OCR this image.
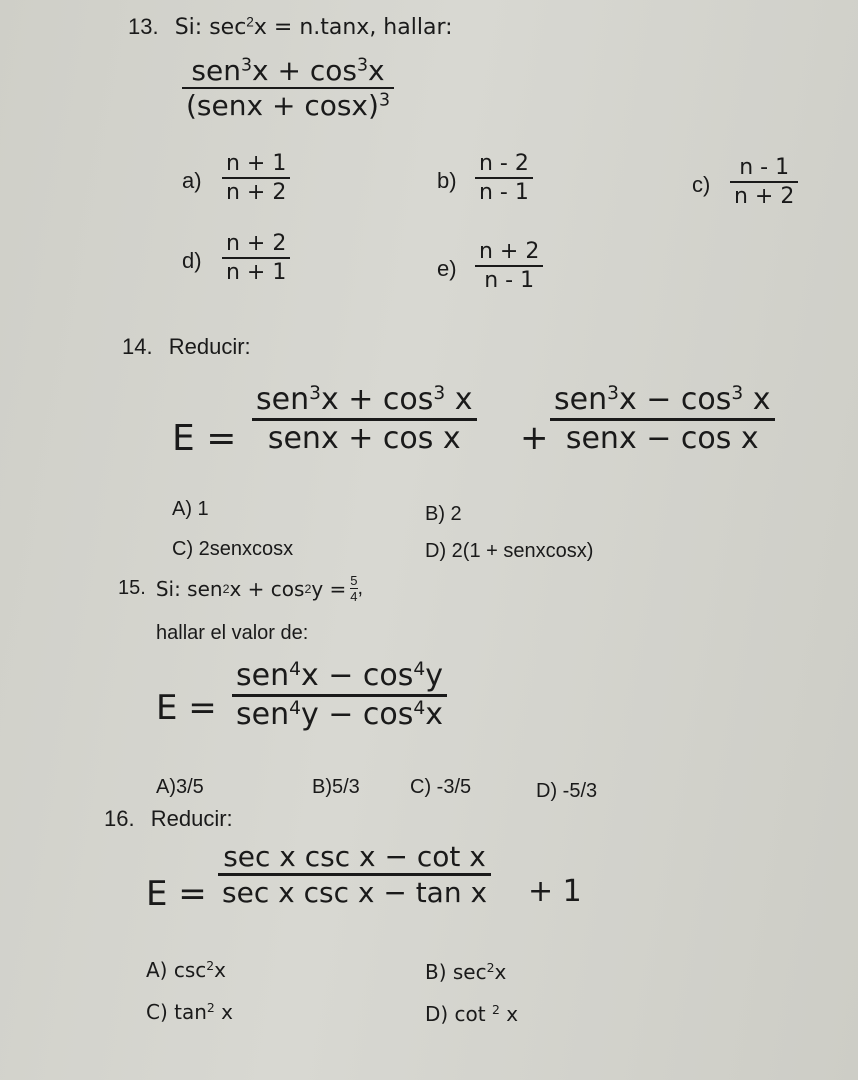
13. Si: $\sec^2x = n.\tan x$, hallar:
$sen^3x + \cos^3x$
(senx + cosx)$^3$
a)
n + 1
n + 2	b)
n - 2
n - 1	c)
n - 1
n + 2
d)
n + 2
n + 1	e)
n + 2
n - 1
14. Reducir:
E =
$sen^3x + \cos^3 x$
senx + cos x +
$sen^3x - \cos^3 x$
senx − cos x
A) 1	B) 2
C) 2senxcosx	D) 2(1 + senxcosx)
15. Si: sen 2 x + cos 2 y = 5
4 ,
hallar el valor de:
E =
$sen^4x - \cos^4y$
$sen^4y - \cos^4x$
A)3/5	B)5/3	C) -3/5	D) -5/3
16. Reducir:
E =
sec x csc x − cot x
sec x csc x − tan x + 1
A) $\csc^2x$	B) $\sec^2x$
C) $\tan^2 x$	D) cot $^2$ x
